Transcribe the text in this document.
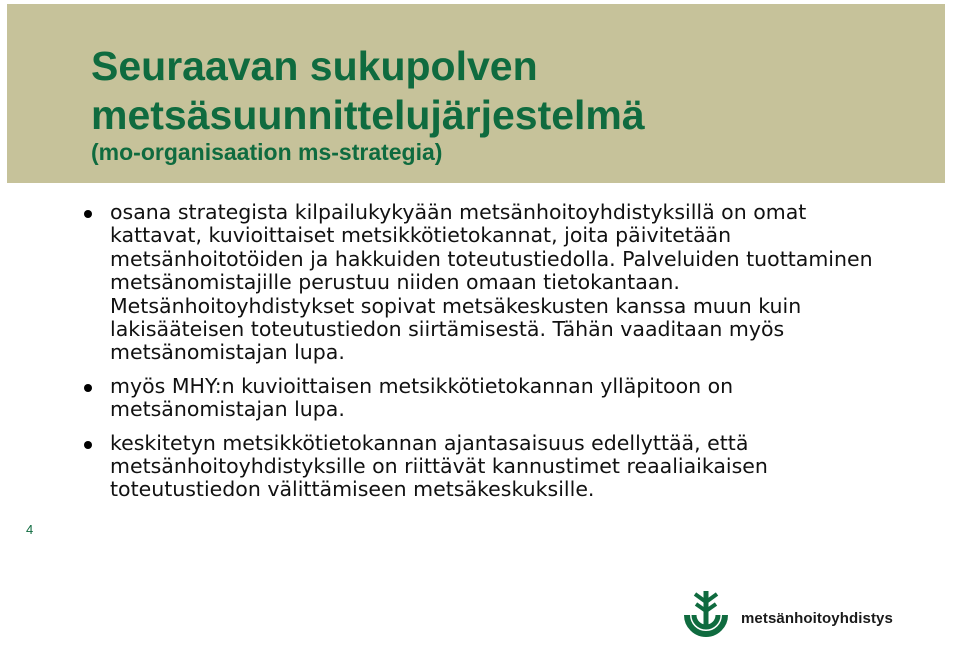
Seuraavan sukupolven metsäsuunnittelujärjestelmä
(mo-organisaation ms-strategia)
osana strategista kilpailukykyään metsänhoitoyhdistyksillä on omat kattavat, kuvioittaiset metsikkötietokannat, joita päivitetään metsänhoitotöiden ja hakkuiden toteutustiedolla. Palveluiden tuottaminen metsänomistajille perustuu niiden omaan tietokantaan. Metsänhoitoyhdistykset sopivat metsäkeskusten kanssa muun kuin lakisääteisen toteutustiedon siirtämisestä. Tähän vaaditaan myös metsänomistajan lupa.
myös MHY:n kuvioittaisen metsikkötietokannan ylläpitoon on metsänomistajan lupa.
keskitetyn metsikkötietokannan ajantasaisuus edellyttää, että metsänhoitoyhdistyksille on riittävät kannustimet reaaliaikaisen toteutustiedon välittämiseen metsäkeskuksille.
4
metsänhoitoyhdistys
